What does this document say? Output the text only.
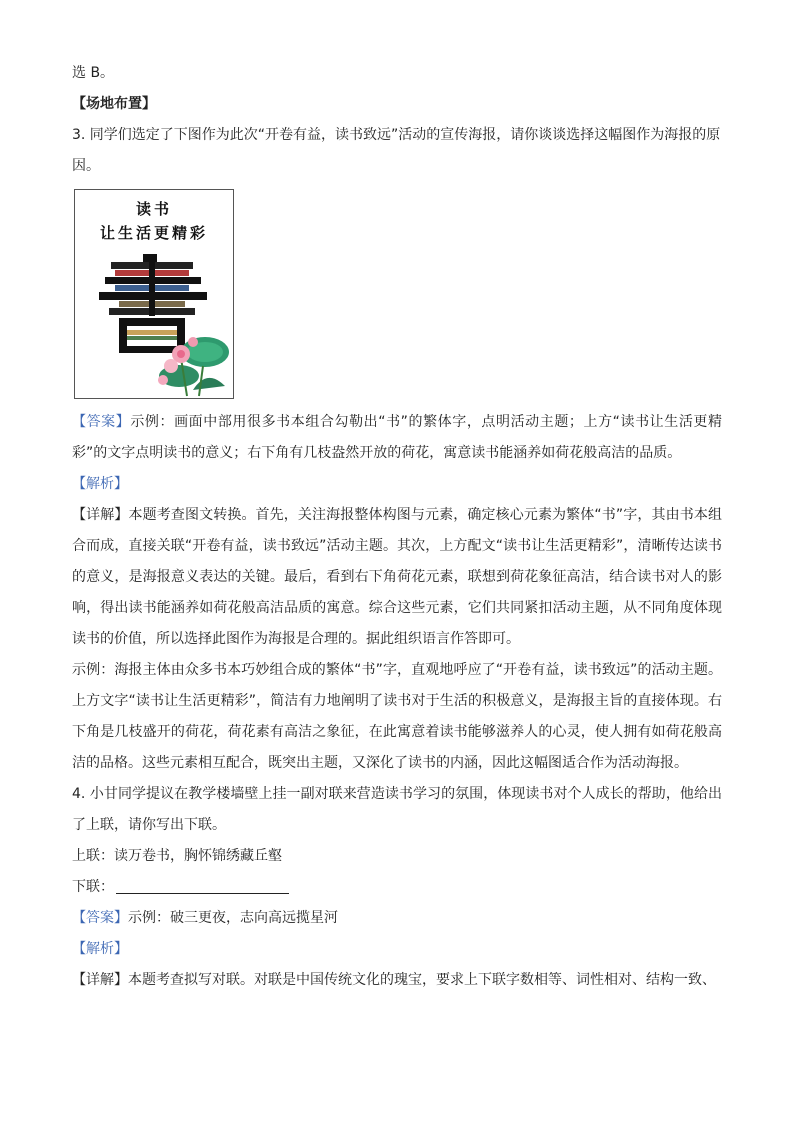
选 B。
【场地布置】
3. 同学们选定了下图作为此次“开卷有益，读书致远”活动的宣传海报，请你谈谈选择这幅图作为海报的原
因。
读书
让生活更精彩
【答案】示例：画面中部用很多书本组合勾勒出“书”的繁体字，点明活动主题；上方“读书让生活更精彩”的文字点明读书的意义；右下角有几枝盎然开放的荷花，寓意读书能涵养如荷花般高洁的品质。
【解析】
【详解】本题考查图文转换。首先，关注海报整体构图与元素，确定核心元素为繁体“书”字，其由书本组合而成，直接关联“开卷有益，读书致远”活动主题。其次，上方配文“读书让生活更精彩”，清晰传达读书的意义，是海报意义表达的关键。最后，看到右下角荷花元素，联想到荷花象征高洁，结合读书对人的影响，得出读书能涵养如荷花般高洁品质的寓意。综合这些元素，它们共同紧扣活动主题，从不同角度体现读书的价值，所以选择此图作为海报是合理的。据此组织语言作答即可。
示例：海报主体由众多书本巧妙组合成的繁体“书”字，直观地呼应了“开卷有益，读书致远”的活动主题。上方文字“读书让生活更精彩”，简洁有力地阐明了读书对于生活的积极意义，是海报主旨的直接体现。右下角是几枝盛开的荷花，荷花素有高洁之象征，在此寓意着读书能够滋养人的心灵，使人拥有如荷花般高洁的品格。这些元素相互配合，既突出主题，又深化了读书的内涵，因此这幅图适合作为活动海报。
4. 小甘同学提议在教学楼墙壁上挂一副对联来营造读书学习的氛围，体现读书对个人成长的帮助，他给出了上联，请你写出下联。
上联：读万卷书，胸怀锦绣藏丘壑
下联：
【答案】示例：破三更夜，志向高远揽星河
【解析】
【详解】本题考查拟写对联。对联是中国传统文化的瑰宝，要求上下联字数相等、词性相对、结构一致、
